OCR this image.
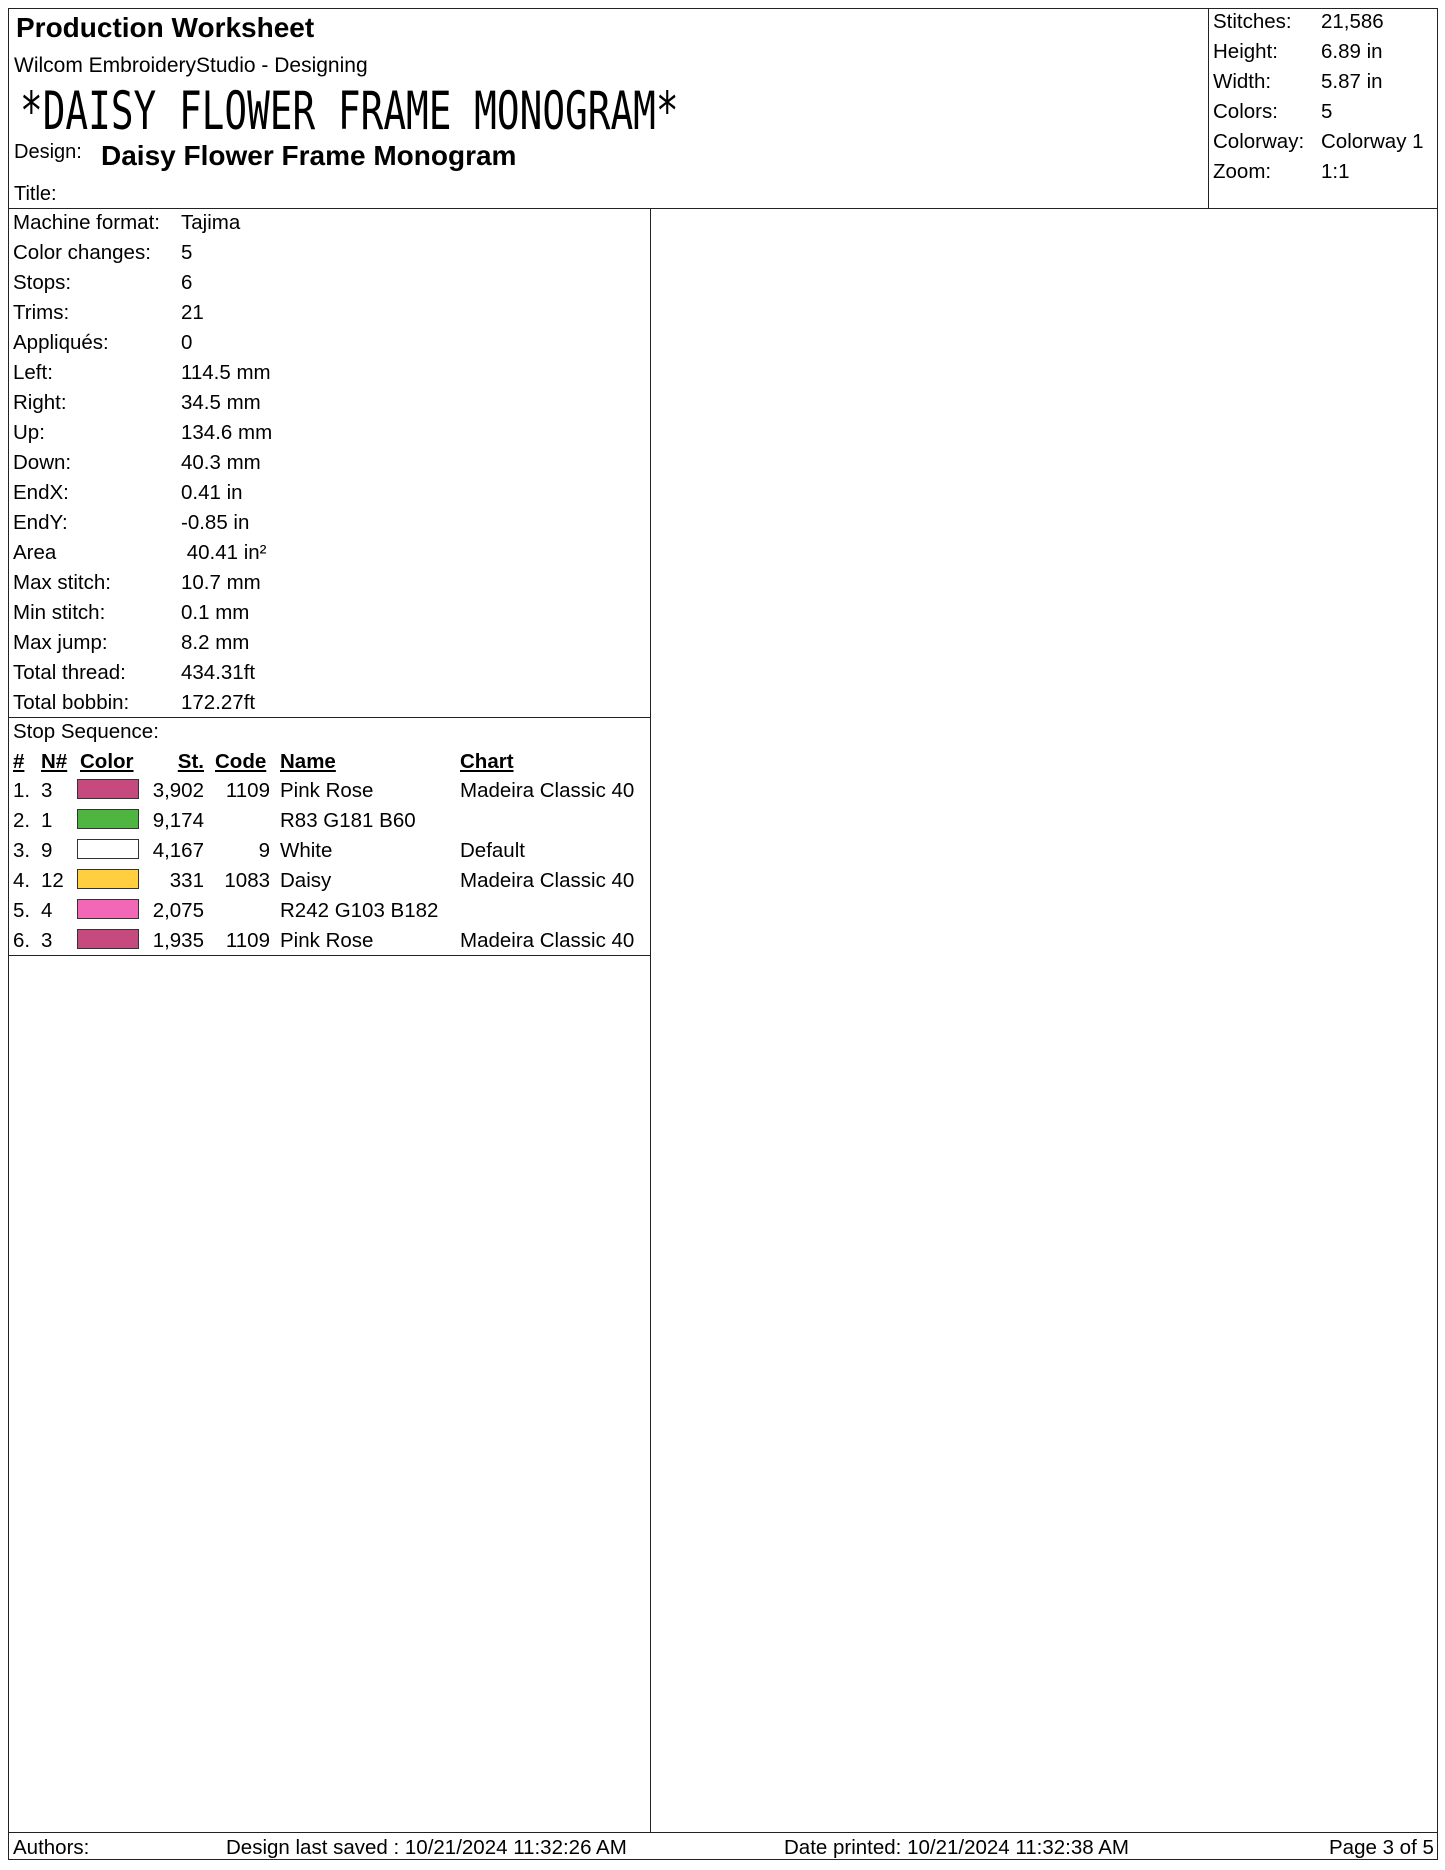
Production Worksheet
Wilcom EmbroideryStudio - Designing
*DAISY FLOWER FRAME MONOGRAM*
Design: Daisy Flower Frame Monogram
Title:
Stitches: 21,586
Height: 6.89 in
Width: 5.87 in
Colors: 5
Colorway: Colorway 1
Zoom: 1:1
Machine format: Tajima
Color changes: 5
Stops:	6
Trims:	21
Appliqués:	0
Left:	114.5 mm
Right:	34.5 mm
Up:	134.6 mm
Down:	40.3 mm
EndX:	0.41 in
EndY:	-0.85 in
Area	40.41 in²
Max stitch:	10.7 mm
Min stitch:	0.1 mm
Max jump:	8.2 mm
Total thread:	434.31ft
Total bobbin:	172.27ft
Stop Sequence:
# N# Color	St. Code Name	Chart
1. 3	3,902	1109 Pink Rose	Madeira Classic 40
2. 1	9,174	R83 G181 B60
3. 9	4,167	9 White	Default
4. 12	331 1083 Daisy	Madeira Classic 40
5. 4	2,075	R242 G103 B182
6. 3	1,935	1109 Pink Rose	Madeira Classic 40
Authors:	Design last saved : 10/21/2024 11:32:26 AM	Date printed: 10/21/2024 11:32:38 AM	Page 3 of 5
